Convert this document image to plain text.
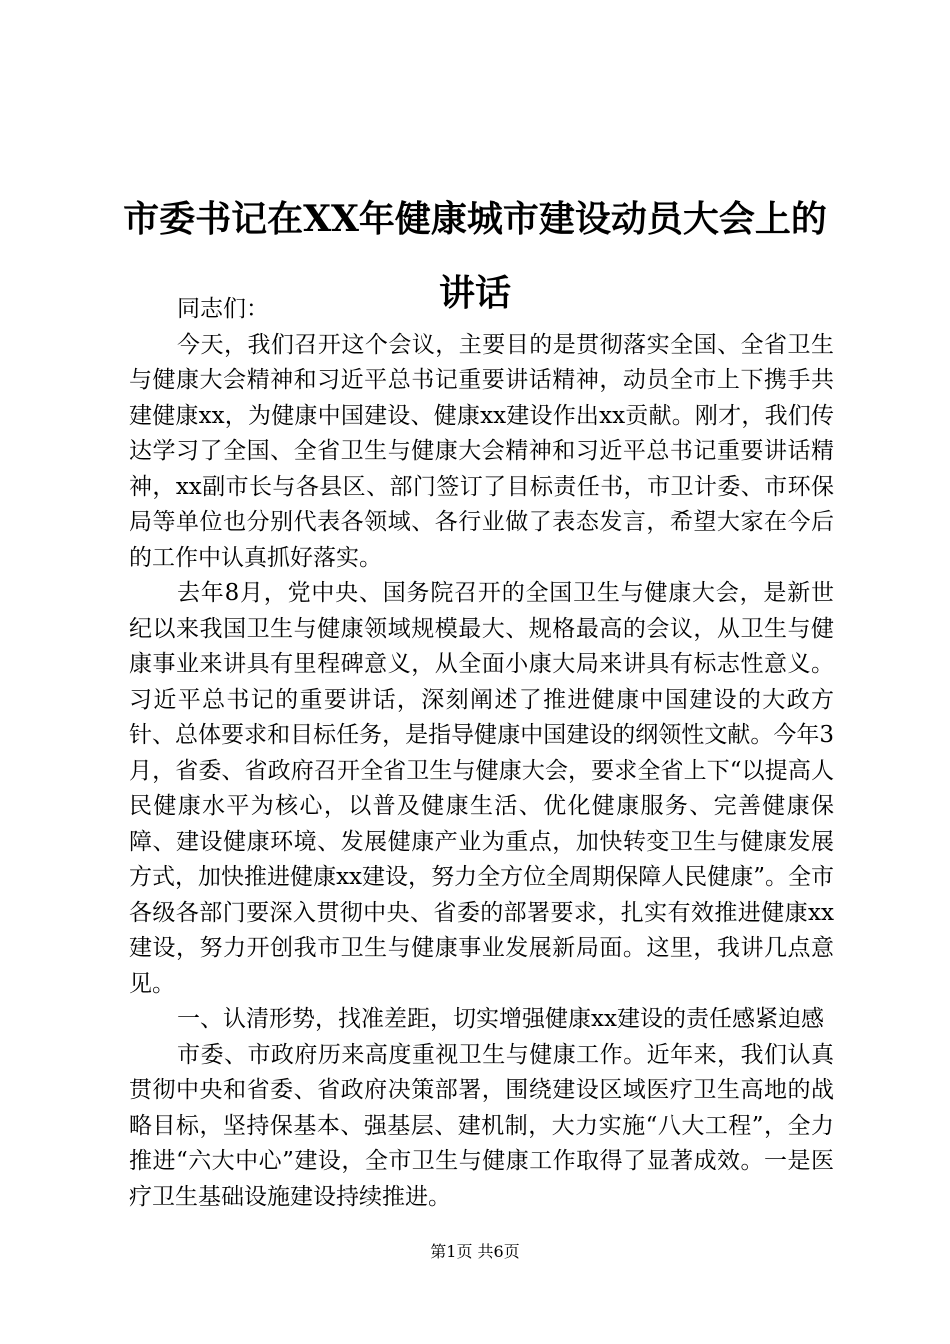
市委书记在XX年健康城市建设动员大会上的
讲话

同志们：

今天，我们召开这个会议，主要目的是贯彻落实全国、全省卫生与健康大会精神和习近平总书记重要讲话精神，动员全市上下携手共建健康xx，为健康中国建设、健康xx建设作出xx贡献。刚才，我们传达学习了全国、全省卫生与健康大会精神和习近平总书记重要讲话精神，xx副市长与各县区、部门签订了目标责任书，市卫计委、市环保局等单位也分别代表各领域、各行业做了表态发言，希望大家在今后的工作中认真抓好落实。

去年8月，党中央、国务院召开的全国卫生与健康大会，是新世纪以来我国卫生与健康领域规模最大、规格最高的会议，从卫生与健康事业来讲具有里程碑意义，从全面小康大局来讲具有标志性意义。习近平总书记的重要讲话，深刻阐述了推进健康中国建设的大政方针、总体要求和目标任务，是指导健康中国建设的纲领性文献。今年3月，省委、省政府召开全省卫生与健康大会，要求全省上下“以提高人民健康水平为核心，以普及健康生活、优化健康服务、完善健康保障、建设健康环境、发展健康产业为重点，加快转变卫生与健康发展方式，加快推进健康xx建设，努力全方位全周期保障人民健康”。全市各级各部门要深入贯彻中央、省委的部署要求，扎实有效推进健康xx建设，努力开创我市卫生与健康事业发展新局面。这里，我讲几点意见。

一、认清形势，找准差距，切实增强健康xx建设的责任感紧迫感

市委、市政府历来高度重视卫生与健康工作。近年来，我们认真贯彻中央和省委、省政府决策部署，围绕建设区域医疗卫生高地的战略目标，坚持保基本、强基层、建机制，大力实施“八大工程”，全力推进“六大中心”建设，全市卫生与健康工作取得了显著成效。一是医疗卫生基础设施建设持续推进。

第1页 共6页
